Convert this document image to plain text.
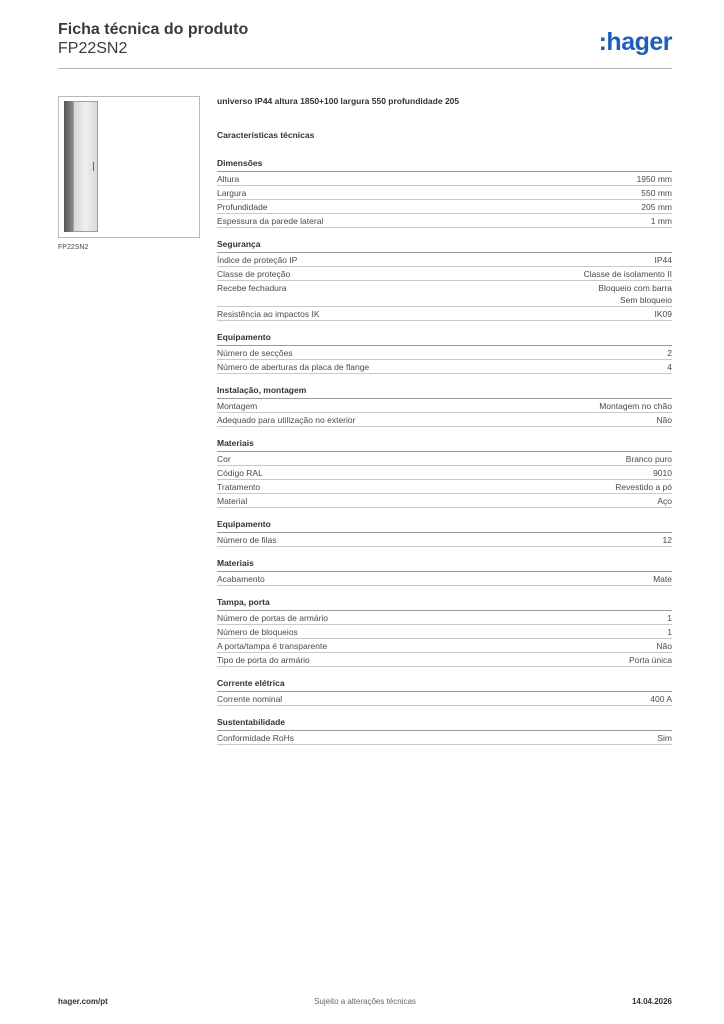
Ficha técnica do produto
FP22SN2	:hager
FP22SN2
universo IP44 altura 1850+100 largura 550 profundidade 205
Características técnicas
Dimensões
Altura	1950 mm
Largura	550 mm
Profundidade	205 mm
Espessura da parede lateral	1 mm
Segurança
Índice de proteção IP	IP44
Classe de proteção	Classe de isolamento II
Recebe fechadura	Bloqueio com barra
Sem bloqueio
Resistência ao impactos IK	IK09
Equipamento
Número de secções	2
Número de aberturas da placa de flange	4
Instalação, montagem
Montagem	Montagem no chão
Adequado para utilização no exterior	Não
Materiais
Cor	Branco puro
Código RAL	9010
Tratamento	Revestido a pó
Material	Aço
Equipamento
Número de filas	12
Materiais
Acabamento	Mate
Tampa, porta
Número de portas de armário	1
Número de bloqueios	1
A porta/tampa é transparente	Não
Tipo de porta do armário	Porta única
Corrente elétrica
Corrente nominal	400 A
Sustentabilidade
Conformidade RoHs	Sim
hager.com/pt	Sujeito a alterações técnicas	14.04.2026
